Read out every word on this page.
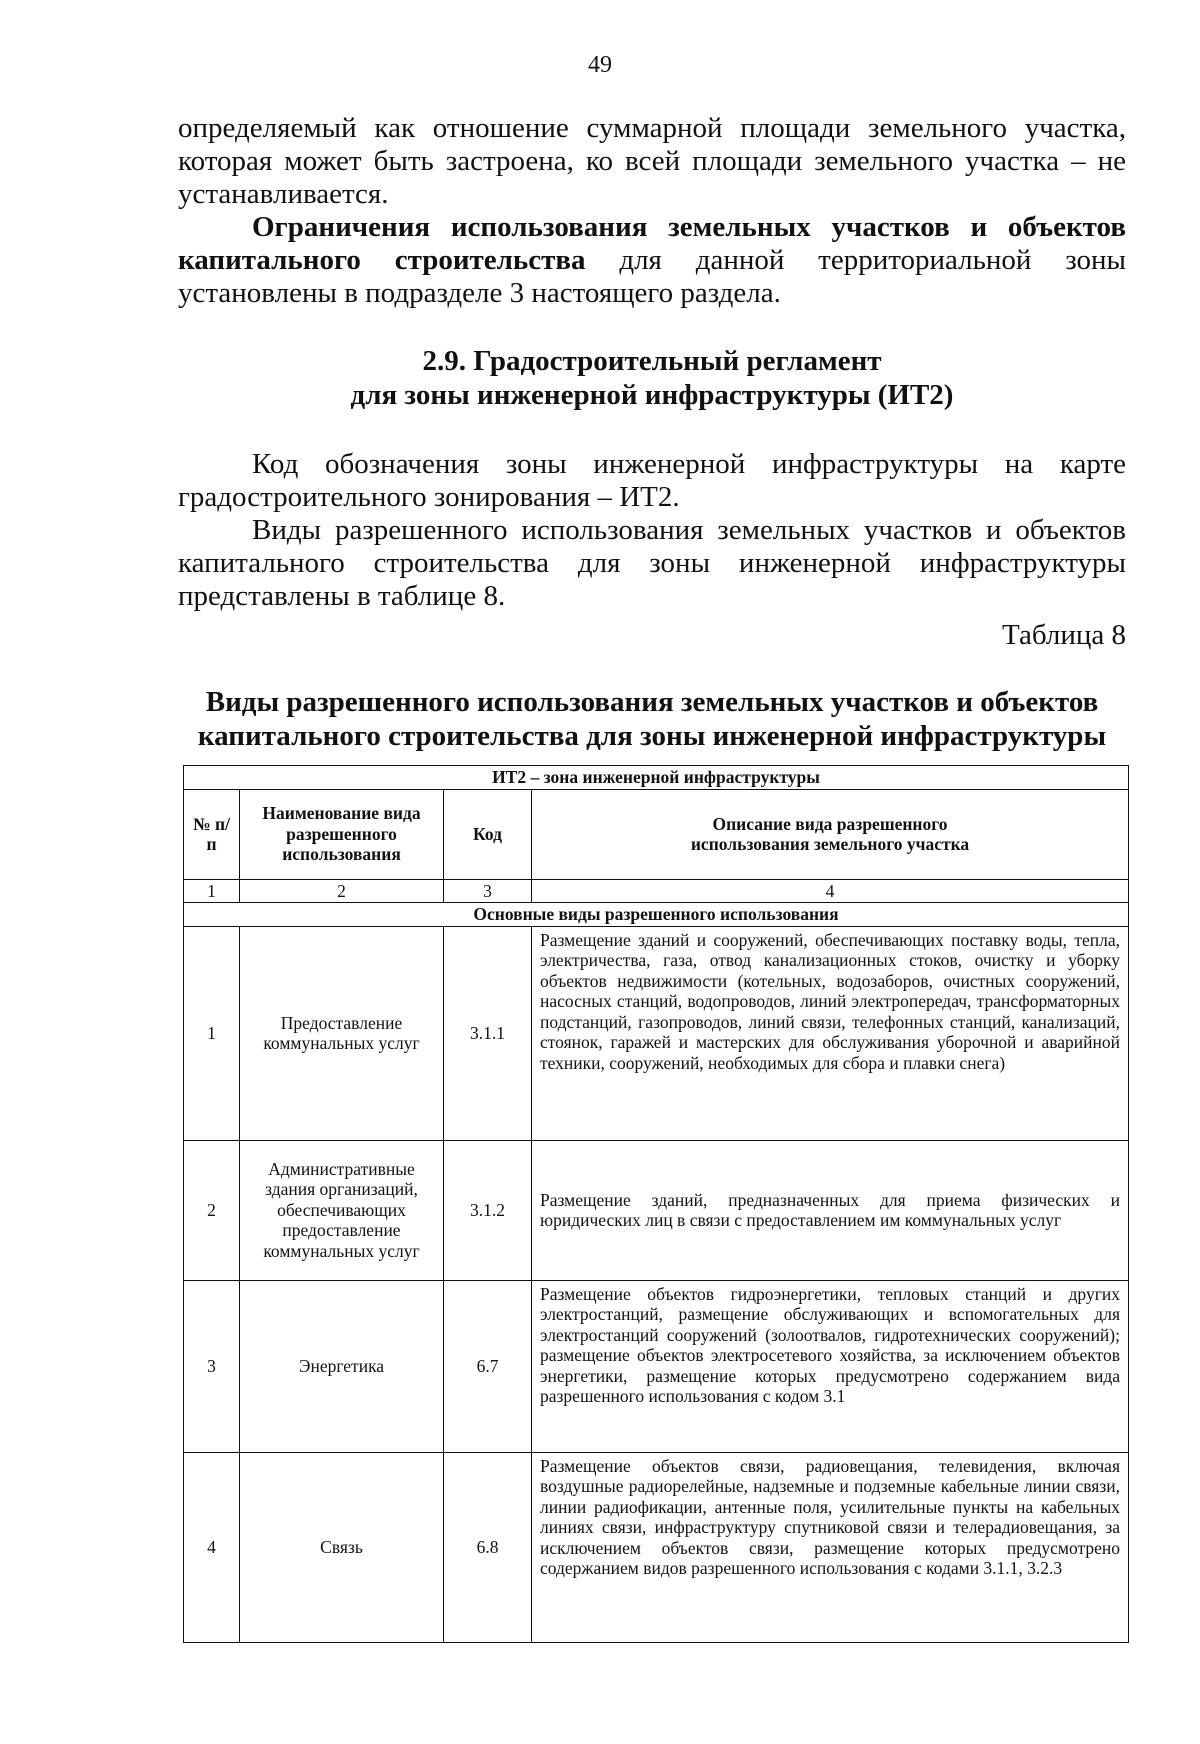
49

определяемый как отношение суммарной площади земельного участка, которая может быть застроена, ко всей площади земельного участка – не устанавливается.

Ограничения использования земельных участков и объектов капитального строительства для данной территориальной зоны установлены в подразделе 3 настоящего раздела.

2.9. Градостроительный регламент
для зоны инженерной инфраструктуры (ИТ2)

Код обозначения зоны инженерной инфраструктуры на карте градостроительного зонирования – ИТ2.

Виды разрешенного использования земельных участков и объектов капитального строительства для зоны инженерной инфраструктуры представлены в таблице 8.

Таблица 8

Виды разрешенного использования земельных участков и объектов
капитального строительства для зоны инженерной инфраструктуры
ИТ2 – зона инженерной инфраструктуры			
№ п/п	Наименование вида разрешенного использования	Код	Описание вида разрешенного использования земельного участка
1	2	3	4
Основные виды разрешенного использования			
1	Предоставление коммунальных услуг	3.1.1	Размещение зданий и сооружений, обеспечивающих поставку воды, тепла, электричества, газа, отвод канализационных стоков, очистку и уборку объектов недвижимости (котельных, водозаборов, очистных сооружений, насосных станций, водопроводов, линий электропередач, трансформаторных подстанций, газопроводов, линий связи, телефонных станций, канализаций, стоянок, гаражей и мастерских для обслуживания уборочной и аварийной техники, сооружений, необходимых для сбора и плавки снега)
2	Административные здания организаций, обеспечивающих предоставление коммунальных услуг	3.1.2	Размещение зданий, предназначенных для приема физических и юридических лиц в связи с предоставлением им коммунальных услуг
3	Энергетика	6.7	Размещение объектов гидроэнергетики, тепловых станций и других электростанций, размещение обслуживающих и вспомогательных для электростанций сооружений (золоотвалов, гидротехнических сооружений); размещение объектов электросетевого хозяйства, за исключением объектов энергетики, размещение которых предусмотрено содержанием вида разрешенного использования с кодом 3.1
4	Связь	6.8	Размещение объектов связи, радиовещания, телевидения, включая воздушные радиорелейные, надземные и подземные кабельные линии связи, линии радиофикации, антенные поля, усилительные пункты на кабельных линиях связи, инфраструктуру спутниковой связи и телерадиовещания, за исключением объектов связи, размещение которых предусмотрено содержанием видов разрешенного использования с кодами 3.1.1, 3.2.3
